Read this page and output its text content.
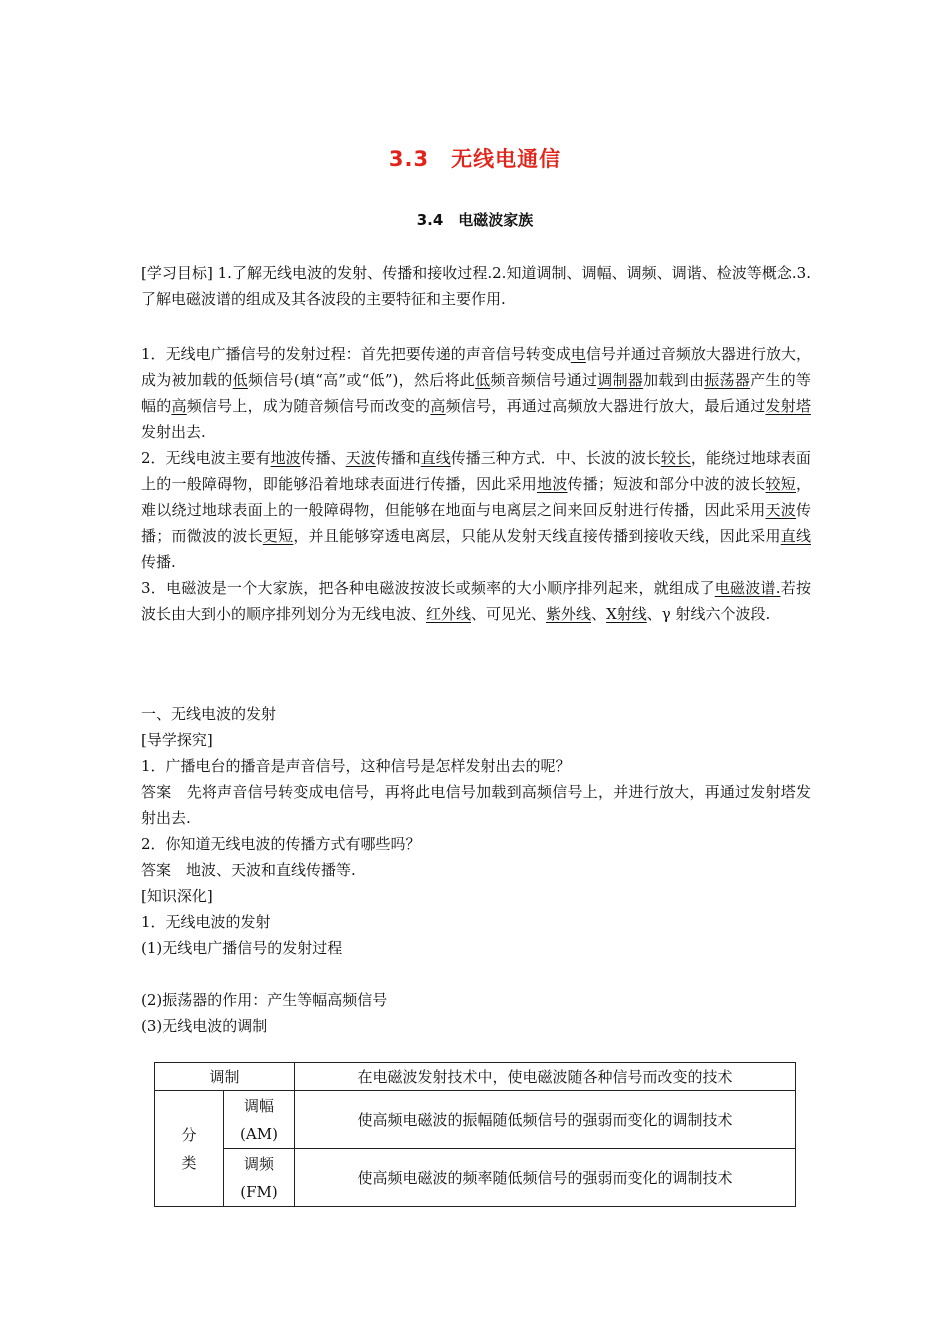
3.3　无线电通信
3.4　电磁波家族

[学习目标] 1.了解无线电波的发射、传播和接收过程.2.知道调制、调幅、调频、调谐、检波等概念.3.了解电磁波谱的组成及其各波段的主要特征和主要作用.

1．无线电广播信号的发射过程：首先把要传递的声音信号转变成电信号并通过音频放大器进行放大，成为被加载的低频信号(填“高”或“低”)，然后将此低频音频信号通过调制器加载到由振荡器产生的等幅的高频信号上，成为随音频信号而改变的高频信号，再通过高频放大器进行放大，最后通过发射塔发射出去.

2．无线电波主要有地波传播、天波传播和直线传播三种方式．中、长波的波长较长，能绕过地球表面上的一般障碍物，即能够沿着地球表面进行传播，因此采用地波传播；短波和部分中波的波长较短，难以绕过地球表面上的一般障碍物，但能够在地面与电离层之间来回反射进行传播，因此采用天波传播；而微波的波长更短，并且能够穿透电离层，只能从发射天线直接传播到接收天线，因此采用直线传播.

3．电磁波是一个大家族，把各种电磁波按波长或频率的大小顺序排列起来，就组成了电磁波谱.若按波长由大到小的顺序排列划分为无线电波、红外线、可见光、紫外线、X射线、γ 射线六个波段.

一、无线电波的发射

[导学探究]

1．广播电台的播音是声音信号，这种信号是怎样发射出去的呢？

答案　先将声音信号转变成电信号，再将此电信号加载到高频信号上，并进行放大，再通过发射塔发射出去.

2．你知道无线电波的传播方式有哪些吗？

答案　地波、天波和直线传播等.

[知识深化]

1．无线电波的发射

(1)无线电广播信号的发射过程

(2)振荡器的作用：产生等幅高频信号

(3)无线电波的调制

调制		在电磁波发射技术中，使电磁波随各种信号而改变的技术

分类	调幅
(AM)	使高频电磁波的振幅随低频信号的强弱而变化的调制技术

	调频
(FM)	使高频电磁波的频率随低频信号的强弱而变化的调制技术
